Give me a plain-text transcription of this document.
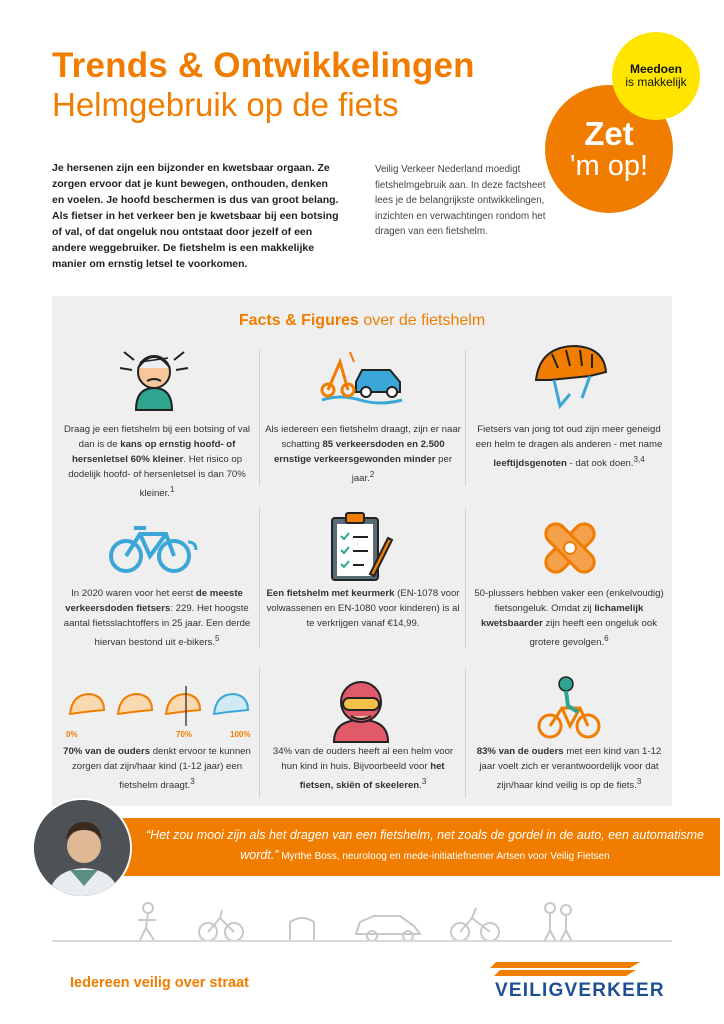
Trends & Ontwikkelingen
Helmgebruik op de fiets
Zet
'm op!
Meedoen
is makkelijk
Je hersenen zijn een bijzonder en kwetsbaar orgaan. Ze zorgen ervoor dat je kunt bewegen, onthouden, denken en voelen. Je hoofd beschermen is dus van groot belang. Als fietser in het verkeer ben je kwetsbaar bij een botsing of val, of dat ongeluk nou ontstaat door jezelf of een andere weggebruiker. De fietshelm is een makkelijke manier om ernstig letsel te voorkomen.
Veilig Verkeer Nederland moedigt fietshelmgebruik aan. In deze factsheet lees je de belangrijkste ontwikkelingen, inzichten en verwachtingen rondom het dragen van een fietshelm.
Facts & Figures over de fietshelm
Draag je een fietshelm bij een botsing of val dan is de kans op ernstig hoofd- of hersenletsel 60% kleiner. Het risico op dodelijk hoofd- of hersenletsel is dan 70% kleiner.$^1$
Als iedereen een fietshelm draagt, zijn er naar schatting 85 verkeersdoden en 2.500 ernstige verkeersgewonden minder per jaar.$^2$
Fietsers van jong tot oud zijn meer geneigd een helm te dragen als anderen - met name leeftijdsgenoten - dat ook doen.$^{3,4}$
In 2020 waren voor het eerst de meeste verkeersdoden fietsers: 229. Het hoogste aantal fietsslachtoffers in 25 jaar. Een derde hiervan bestond uit e-bikers.$^5$
Een fietshelm met keurmerk (EN-1078 voor volwassenen en EN-1080 voor kinderen) is al te verkrijgen vanaf €14,99.
50-plussers hebben vaker een (enkelvoudig) fietsongeluk. Omdat zij lichamelijk kwetsbaarder zijn heeft een ongeluk ook grotere gevolgen.$^6$
0%	70%	100%
70% van de ouders denkt ervoor te kunnen zorgen dat zijn/haar kind (1-12 jaar) een fietshelm draagt.$^3$
34% van de ouders heeft al een helm voor hun kind in huis. Bijvoorbeeld voor het fietsen, skiën of skeeleren.$^3$
83% van de ouders met een kind van 1-12 jaar voelt zich er verantwoordelijk voor dat zijn/haar kind veilig is op de fiets.$^3$
“Het zou mooi zijn als het dragen van een fietshelm, net zoals de gordel in de auto, een automatisme wordt.” Myrthe Boss, neuroloog en mede-initiatiefnemer Artsen voor Veilig Fietsen
Iedereen veilig over straat	VEILIGVERKEER
